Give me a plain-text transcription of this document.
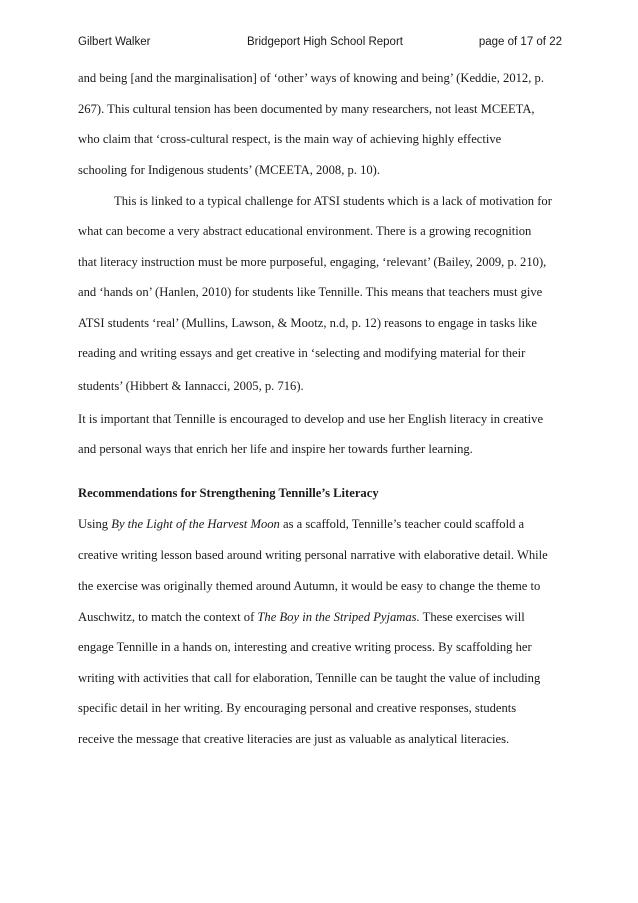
Gilbert Walker	Bridgeport High School Report	page of 17 of 22
and being [and the marginalisation] of ‘other’ ways of knowing and being’ (Keddie, 2012, p.
267). This cultural tension has been documented by many researchers, not least MCEETA,
who claim that ‘cross-cultural respect, is the main way of achieving highly effective
schooling for Indigenous students’ (MCEETA, 2008, p. 10).
This is linked to a typical challenge for ATSI students which is a lack of motivation for
what can become a very abstract educational environment. There is a growing recognition
that literacy instruction must be more purposeful, engaging, ‘relevant’ (Bailey, 2009, p. 210),
and ‘hands on’ (Hanlen, 2010) for students like Tennille. This means that teachers must give
ATSI students ‘real’ (Mullins, Lawson, & Mootz, n.d, p. 12) reasons to engage in tasks like
reading and writing essays and get creative in ‘selecting and modifying material for their
students’ (Hibbert & Iannacci, 2005, p. 716).
It is important that Tennille is encouraged to develop and use her English literacy in creative
and personal ways that enrich her life and inspire her towards further learning.
Recommendations for Strengthening Tennille’s Literacy
Using By the Light of the Harvest Moon as a scaffold, Tennille’s teacher could scaffold a
creative writing lesson based around writing personal narrative with elaborative detail. While
the exercise was originally themed around Autumn, it would be easy to change the theme to
Auschwitz, to match the context of The Boy in the Striped Pyjamas. These exercises will
engage Tennille in a hands on, interesting and creative writing process. By scaffolding her
writing with activities that call for elaboration, Tennille can be taught the value of including
specific detail in her writing. By encouraging personal and creative responses, students
receive the message that creative literacies are just as valuable as analytical literacies.
